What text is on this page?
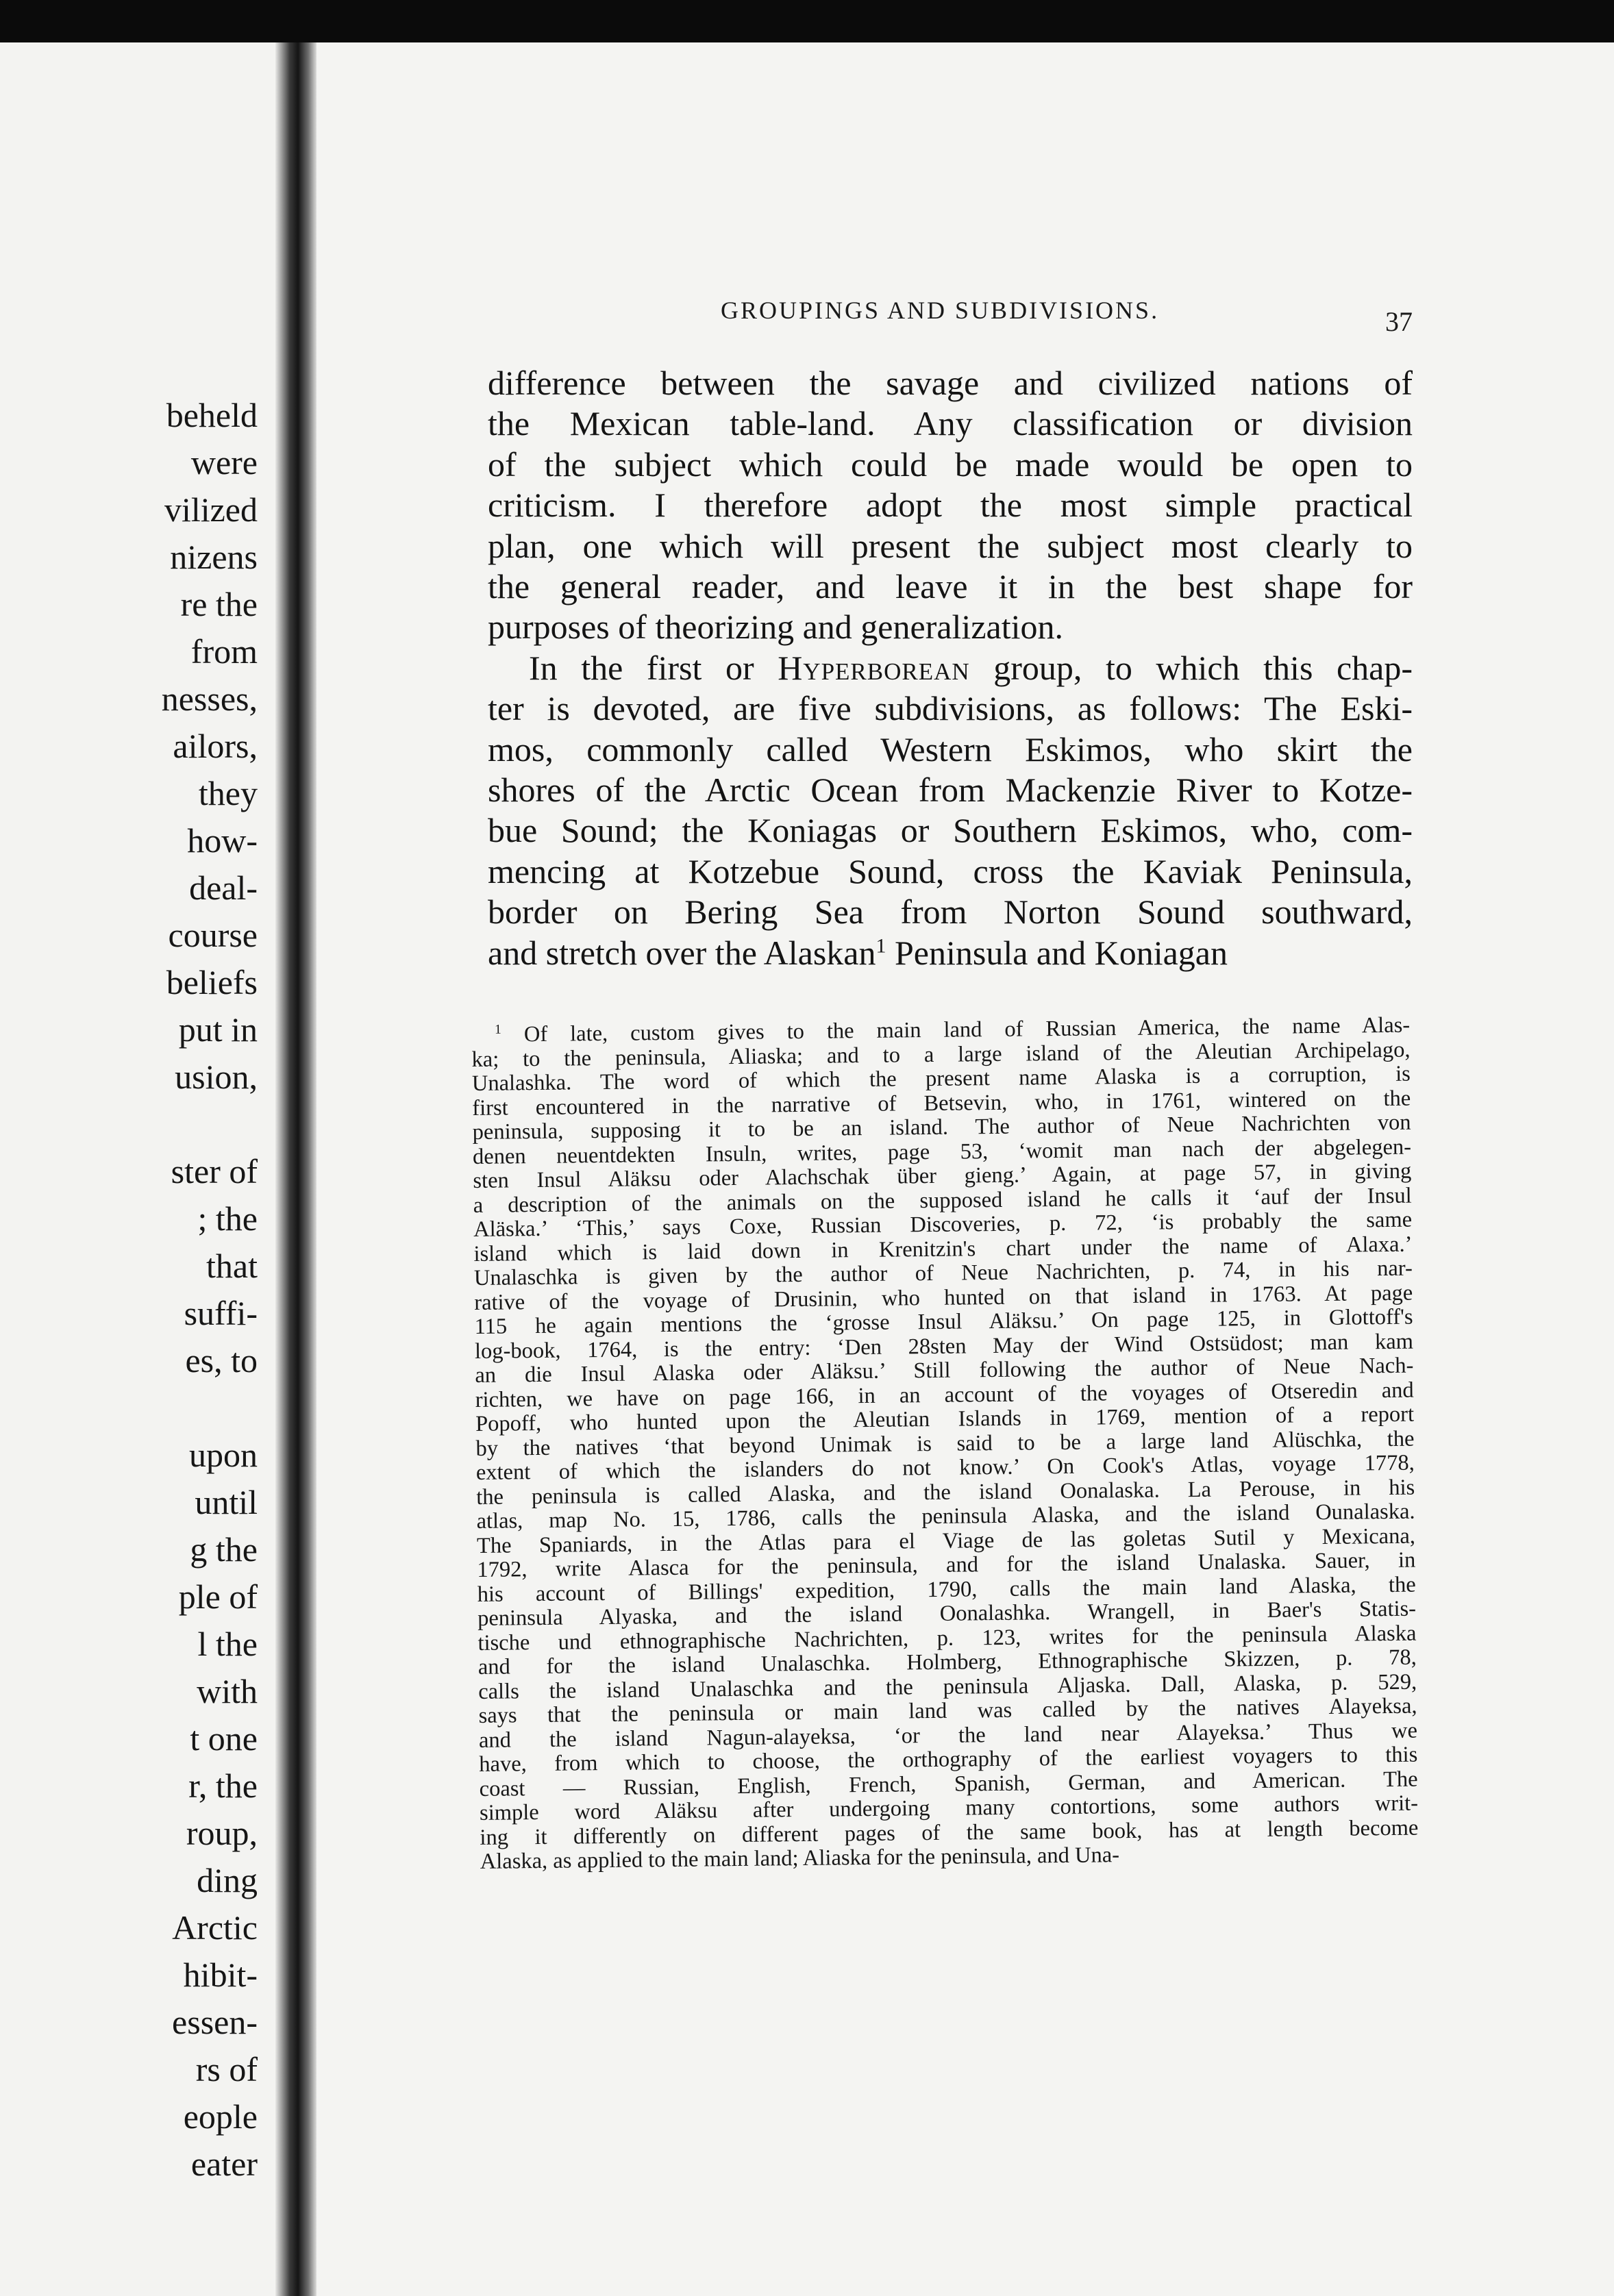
beheld
were
vilized
nizens
re the
from
nesses,
ailors,
they
how-
deal-
course
beliefs
put in
usion,
ster of
; the
that
suffi-
es, to
upon
until
g the
ple of
l the
with
t one
r, the
roup,
ding
Arctic
hibit-
essen-
rs of
eople
eater
GROUPINGS AND SUBDIVISIONS.	37
difference between the savage and civilized nations of
the Mexican table-land. Any classification or division
of the subject which could be made would be open to
criticism. I therefore adopt the most simple practical
plan, one which will present the subject most clearly to
the general reader, and leave it in the best shape for
purposes of theorizing and generalization.
In the first or Hyperborean group, to which this chap-
ter is devoted, are five subdivisions, as follows: The Eski-
mos, commonly called Western Eskimos, who skirt the
shores of the Arctic Ocean from Mackenzie River to Kotze-
bue Sound; the Koniagas or Southern Eskimos, who, com-
mencing at Kotzebue Sound, cross the Kaviak Peninsula,
border on Bering Sea from Norton Sound southward,
and stretch over the Alaskan$^1$ Peninsula and Koniagan
$^1$ Of late, custom gives to the main land of Russian America, the name Alas-
ka; to the peninsula, Aliaska; and to a large island of the Aleutian Archipelago,
Unalashka. The word of which the present name Alaska is a corruption, is
first encountered in the narrative of Betsevin, who, in 1761, wintered on the
peninsula, supposing it to be an island. The author of Neue Nachrichten von
denen neuentdekten Insuln, writes, page 53, ‘womit man nach der abgelegen-
sten Insul Aläksu oder Alachschak über gieng.’ Again, at page 57, in giving
a description of the animals on the supposed island he calls it ‘auf der Insul
Aläska.’ ‘This,’ says Coxe, Russian Discoveries, p. 72, ‘is probably the same
island which is laid down in Krenitzin's chart under the name of Alaxa.’
Unalaschka is given by the author of Neue Nachrichten, p. 74, in his nar-
rative of the voyage of Drusinin, who hunted on that island in 1763. At page
115 he again mentions the ‘grosse Insul Aläksu.’ On page 125, in Glottoff's
log-book, 1764, is the entry: ‘Den 28sten May der Wind Ostsüdost; man kam
an die Insul Alaska oder Aläksu.’ Still following the author of Neue Nach-
richten, we have on page 166, in an account of the voyages of Otseredin and
Popoff, who hunted upon the Aleutian Islands in 1769, mention of a report
by the natives ‘that beyond Unimak is said to be a large land Alüschka, the
extent of which the islanders do not know.’ On Cook's Atlas, voyage 1778,
the peninsula is called Alaska, and the island Oonalaska. La Perouse, in his
atlas, map No. 15, 1786, calls the peninsula Alaska, and the island Ounalaska.
The Spaniards, in the Atlas para el Viage de las goletas Sutil y Mexicana,
1792, write Alasca for the peninsula, and for the island Unalaska. Sauer, in
his account of Billings' expedition, 1790, calls the main land Alaska, the
peninsula Alyaska, and the island Oonalashka. Wrangell, in Baer's Statis-
tische und ethnographische Nachrichten, p. 123, writes for the peninsula Alaska
and for the island Unalaschka. Holmberg, Ethnographische Skizzen, p. 78,
calls the island Unalaschka and the peninsula Aljaska. Dall, Alaska, p. 529,
says that the peninsula or main land was called by the natives Alayeksa,
and the island Nagun-alayeksa, ‘or the land near Alayeksa.’ Thus we
have, from which to choose, the orthography of the earliest voyagers to this
coast — Russian, English, French, Spanish, German, and American. The
simple word Aläksu after undergoing many contortions, some authors writ-
ing it differently on different pages of the same book, has at length become
Alaska, as applied to the main land; Aliaska for the peninsula, and Una-
